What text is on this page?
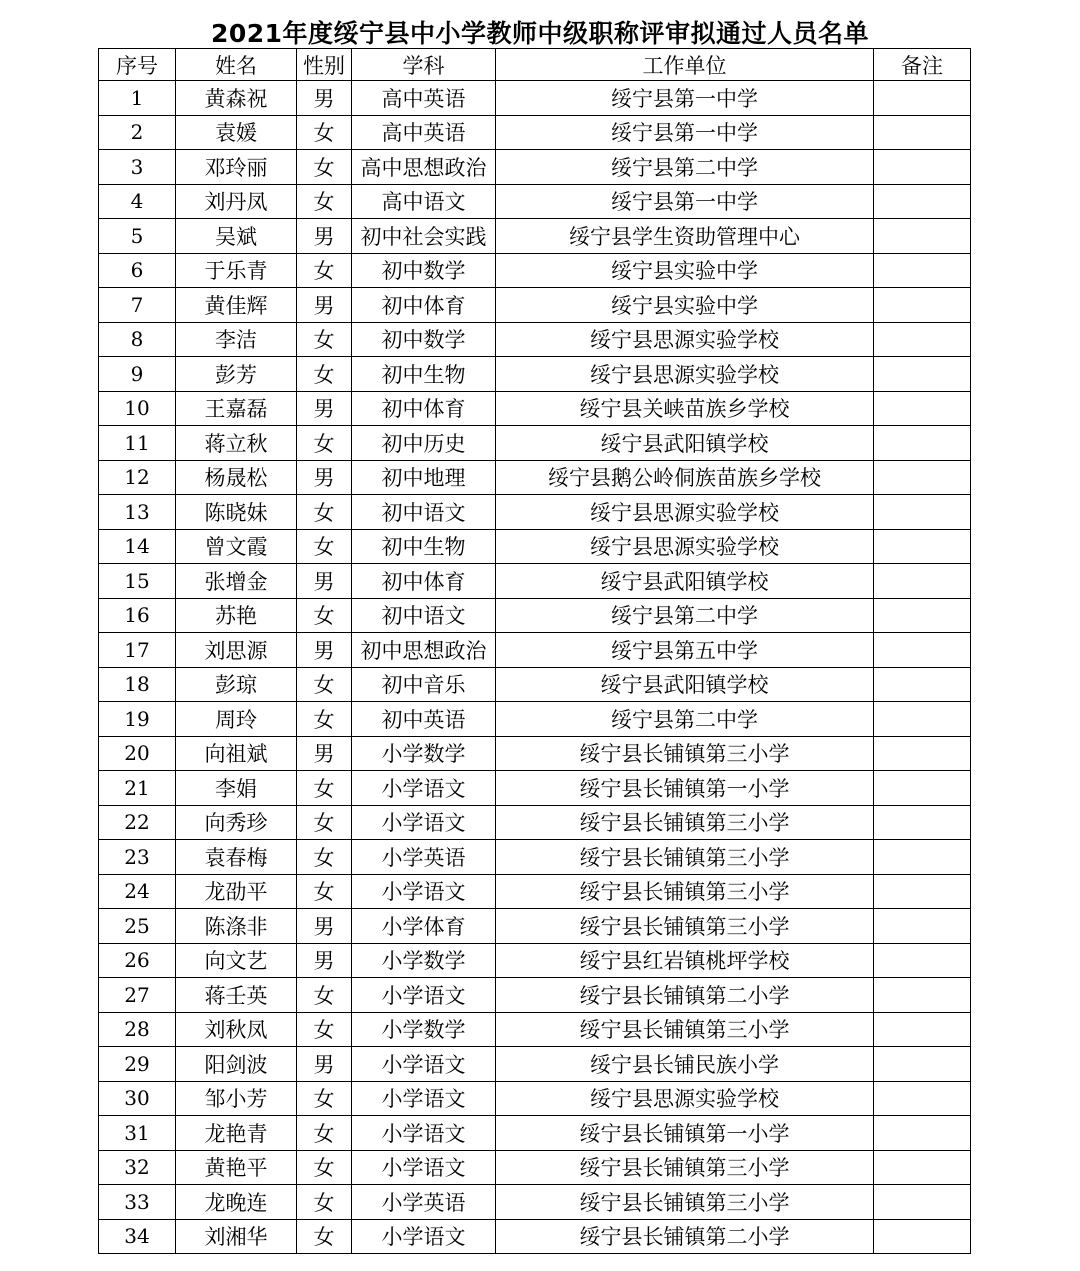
2021年度绥宁县中小学教师中级职称评审拟通过人员名单
序号	姓名	性别	学科	工作单位	备注
1	黄森祝	男	高中英语	绥宁县第一中学	
2	袁媛	女	高中英语	绥宁县第一中学	
3	邓玲丽	女	高中思想政治	绥宁县第二中学	
4	刘丹凤	女	高中语文	绥宁县第一中学	
5	吴斌	男	初中社会实践	绥宁县学生资助管理中心	
6	于乐青	女	初中数学	绥宁县实验中学	
7	黄佳辉	男	初中体育	绥宁县实验中学	
8	李洁	女	初中数学	绥宁县思源实验学校	
9	彭芳	女	初中生物	绥宁县思源实验学校	
10	王嘉磊	男	初中体育	绥宁县关峡苗族乡学校	
11	蒋立秋	女	初中历史	绥宁县武阳镇学校	
12	杨晟松	男	初中地理	绥宁县鹅公岭侗族苗族乡学校	
13	陈晓妹	女	初中语文	绥宁县思源实验学校	
14	曾文霞	女	初中生物	绥宁县思源实验学校	
15	张增金	男	初中体育	绥宁县武阳镇学校	
16	苏艳	女	初中语文	绥宁县第二中学	
17	刘思源	男	初中思想政治	绥宁县第五中学	
18	彭琼	女	初中音乐	绥宁县武阳镇学校	
19	周玲	女	初中英语	绥宁县第二中学	
20	向祖斌	男	小学数学	绥宁县长铺镇第三小学	
21	李娟	女	小学语文	绥宁县长铺镇第一小学	
22	向秀珍	女	小学语文	绥宁县长铺镇第三小学	
23	袁春梅	女	小学英语	绥宁县长铺镇第三小学	
24	龙劭平	女	小学语文	绥宁县长铺镇第三小学	
25	陈涤非	男	小学体育	绥宁县长铺镇第三小学	
26	向文艺	男	小学数学	绥宁县红岩镇桃坪学校	
27	蒋壬英	女	小学语文	绥宁县长铺镇第二小学	
28	刘秋凤	女	小学数学	绥宁县长铺镇第三小学	
29	阳剑波	男	小学语文	绥宁县长铺民族小学	
30	邹小芳	女	小学语文	绥宁县思源实验学校	
31	龙艳青	女	小学语文	绥宁县长铺镇第一小学	
32	黄艳平	女	小学语文	绥宁县长铺镇第三小学	
33	龙晚连	女	小学英语	绥宁县长铺镇第三小学	
34	刘湘华	女	小学语文	绥宁县长铺镇第二小学	
